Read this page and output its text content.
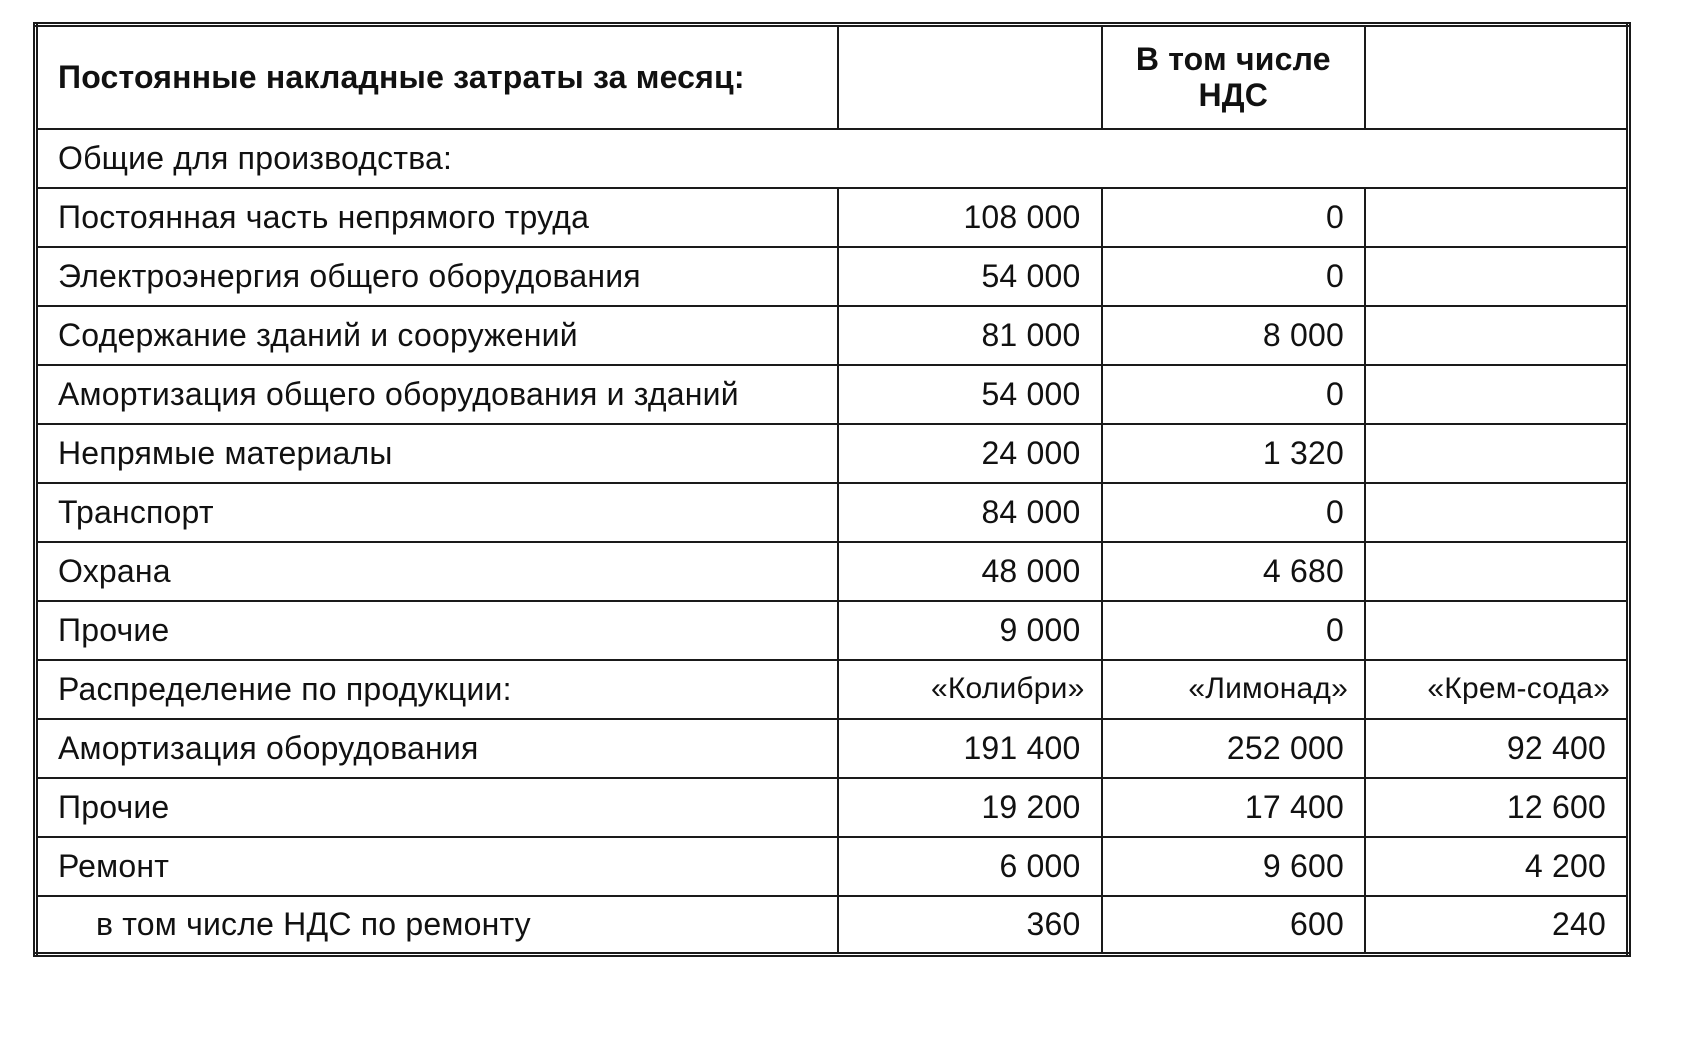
Постоянные накладные затраты за месяц:		В том числе НДС	
Общие для производства:			
Постоянная часть непрямого труда	108 000	0	
Электроэнергия общего оборудования	54 000	0	
Содержание зданий и сооружений	81 000	8 000	
Амортизация общего оборудования и зданий	54 000	0	
Непрямые материалы	24 000	1 320	
Транспорт	84 000	0	
Охрана	48 000	4 680	
Прочие	9 000	0	
Распределение по продукции:	«Колибри»	«Лимонад»	«Крем-сода»
Амортизация оборудования	191 400	252 000	92 400
Прочие	19 200	17 400	12 600
Ремонт	6 000	9 600	4 200
в том числе НДС по ремонту	360	600	240
